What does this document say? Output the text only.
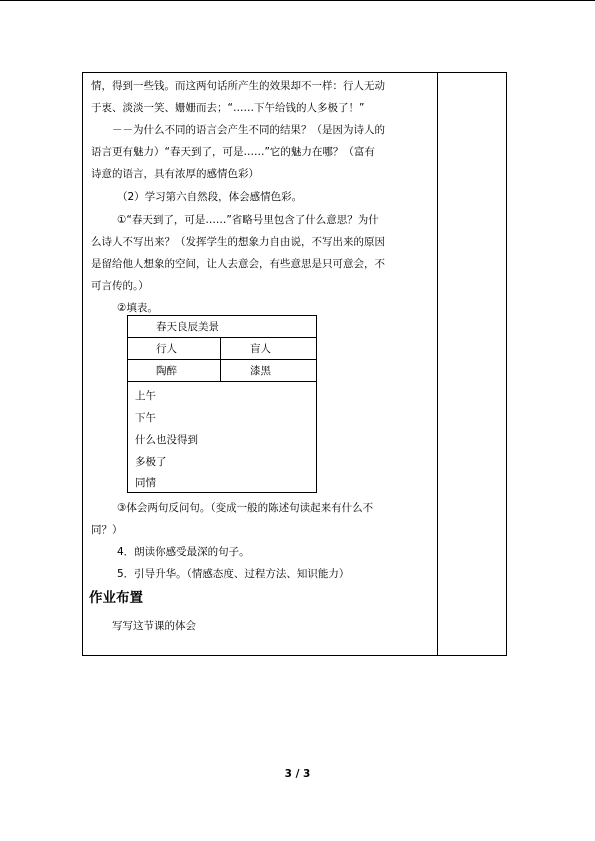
情，得到一些钱。而这两句话所产生的效果却不一样：行人无动
于衷、淡淡一笑、姗姗而去；“……下午给钱的人多极了！”
－－为什么不同的语言会产生不同的结果？（是因为诗人的
语言更有魅力）“春天到了，可是……”它的魅力在哪？（富有
诗意的语言，具有浓厚的感情色彩）
（2）学习第六自然段，体会感情色彩。
①“春天到了，可是……”省略号里包含了什么意思？为什
么诗人不写出来？（发挥学生的想象力自由说，不写出来的原因
是留给他人想象的空间，让人去意会，有些意思是只可意会，不
可言传的。）
②填表。
春天良辰美景
行人	盲人
陶醉	漆黑
上午
下午
什么也没得到
多极了
同情
③体会两句反问句。（变成一般的陈述句读起来有什么不
同？）
4．朗读你感受最深的句子。
5．引导升华。（情感态度、过程方法、知识能力）
作业布置
写写这节课的体会
3 / 3
